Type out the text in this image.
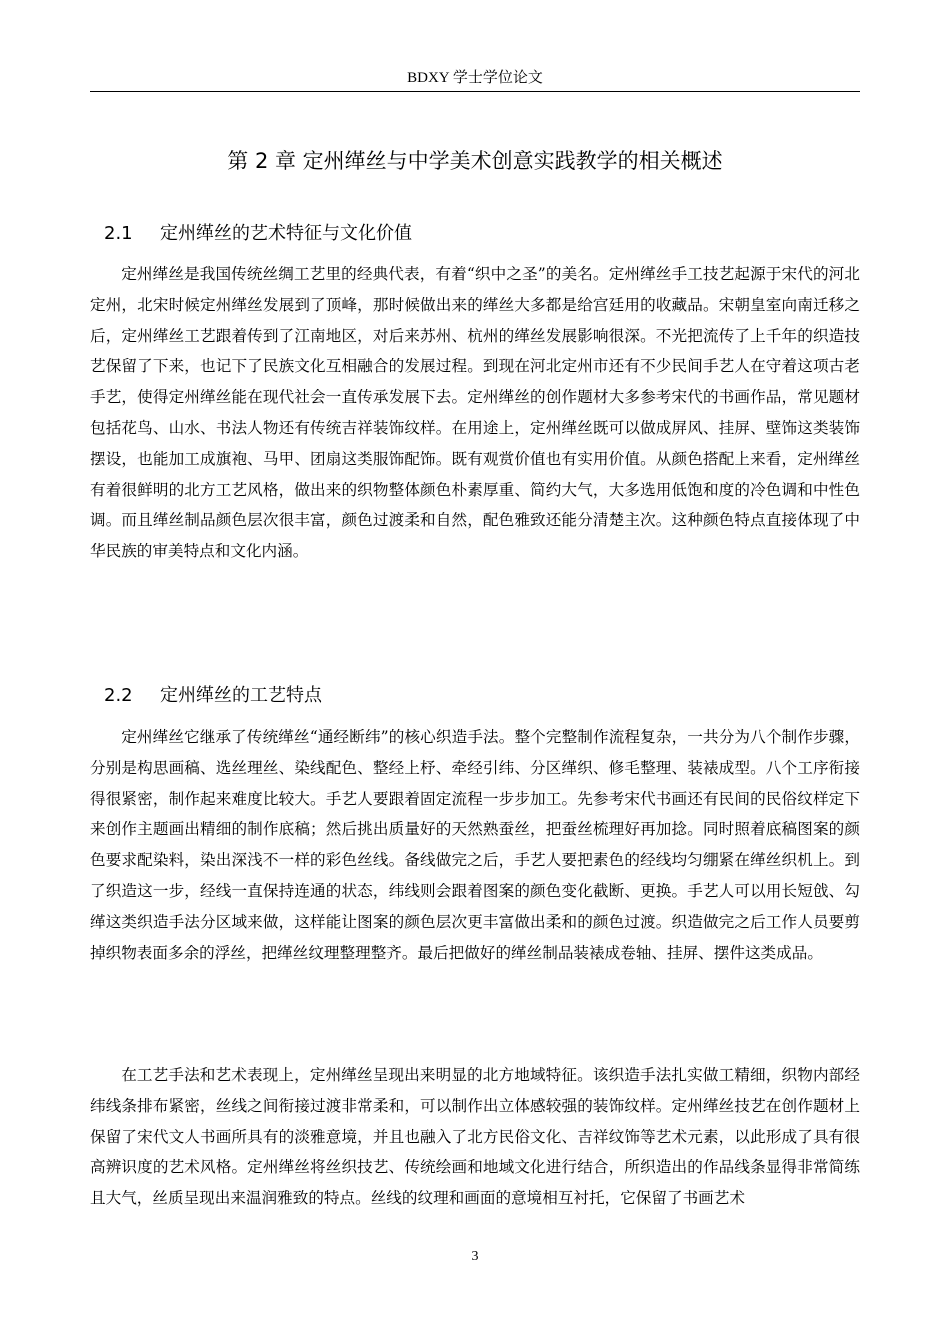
BDXY 学士学位论文
第 2 章 定州缂丝与中学美术创意实践教学的相关概述
2.1 定州缂丝的艺术特征与文化价值

定州缂丝是我国传统丝绸工艺里的经典代表，有着“织中之圣”的美名。定州缂丝手工技艺起源于宋代的河北定州，北宋时候定州缂丝发展到了顶峰，那时候做出来的缂丝大多都是给宫廷用的收藏品。宋朝皇室向南迁移之后，定州缂丝工艺跟着传到了江南地区，对后来苏州、杭州的缂丝发展影响很深。不光把流传了上千年的织造技艺保留了下来，也记下了民族文化互相融合的发展过程。到现在河北定州市还有不少民间手艺人在守着这项古老手艺，使得定州缂丝能在现代社会一直传承发展下去。定州缂丝的创作题材大多参考宋代的书画作品，常见题材包括花鸟、山水、书法人物还有传统吉祥装饰纹样。在用途上，定州缂丝既可以做成屏风、挂屏、壁饰这类装饰摆设，也能加工成旗袍、马甲、团扇这类服饰配饰。既有观赏价值也有实用价值。从颜色搭配上来看，定州缂丝有着很鲜明的北方工艺风格，做出来的织物整体颜色朴素厚重、简约大气，大多选用低饱和度的冷色调和中性色调。而且缂丝制品颜色层次很丰富，颜色过渡柔和自然，配色雅致还能分清楚主次。这种颜色特点直接体现了中华民族的审美特点和文化内涵。

2.2 定州缂丝的工艺特点

定州缂丝它继承了传统缂丝“通经断纬”的核心织造手法。整个完整制作流程复杂，一共分为八个制作步骤，分别是构思画稿、选丝理丝、染线配色、整经上杼、牵经引纬、分区缂织、修毛整理、装裱成型。八个工序衔接得很紧密，制作起来难度比较大。手艺人要跟着固定流程一步步加工。先参考宋代书画还有民间的民俗纹样定下来创作主题画出精细的制作底稿；然后挑出质量好的天然熟蚕丝，把蚕丝梳理好再加捻。同时照着底稿图案的颜色要求配染料，染出深浅不一样的彩色丝线。备线做完之后，手艺人要把素色的经线均匀绷紧在缂丝织机上。到了织造这一步，经线一直保持连通的状态，纬线则会跟着图案的颜色变化截断、更换。手艺人可以用长短戗、勾缂这类织造手法分区域来做，这样能让图案的颜色层次更丰富做出柔和的颜色过渡。织造做完之后工作人员要剪掉织物表面多余的浮丝，把缂丝纹理整理整齐。最后把做好的缂丝制品装裱成卷轴、挂屏、摆件这类成品。

在工艺手法和艺术表现上，定州缂丝呈现出来明显的北方地域特征。该织造手法扎实做工精细，织物内部经纬线条排布紧密，丝线之间衔接过渡非常柔和，可以制作出立体感较强的装饰纹样。定州缂丝技艺在创作题材上保留了宋代文人书画所具有的淡雅意境，并且也融入了北方民俗文化、吉祥纹饰等艺术元素，以此形成了具有很高辨识度的艺术风格。定州缂丝将丝织技艺、传统绘画和地域文化进行结合，所织造出的作品线条显得非常简练且大气，丝质呈现出来温润雅致的特点。丝线的纹理和画面的意境相互衬托，它保留了书画艺术

3
